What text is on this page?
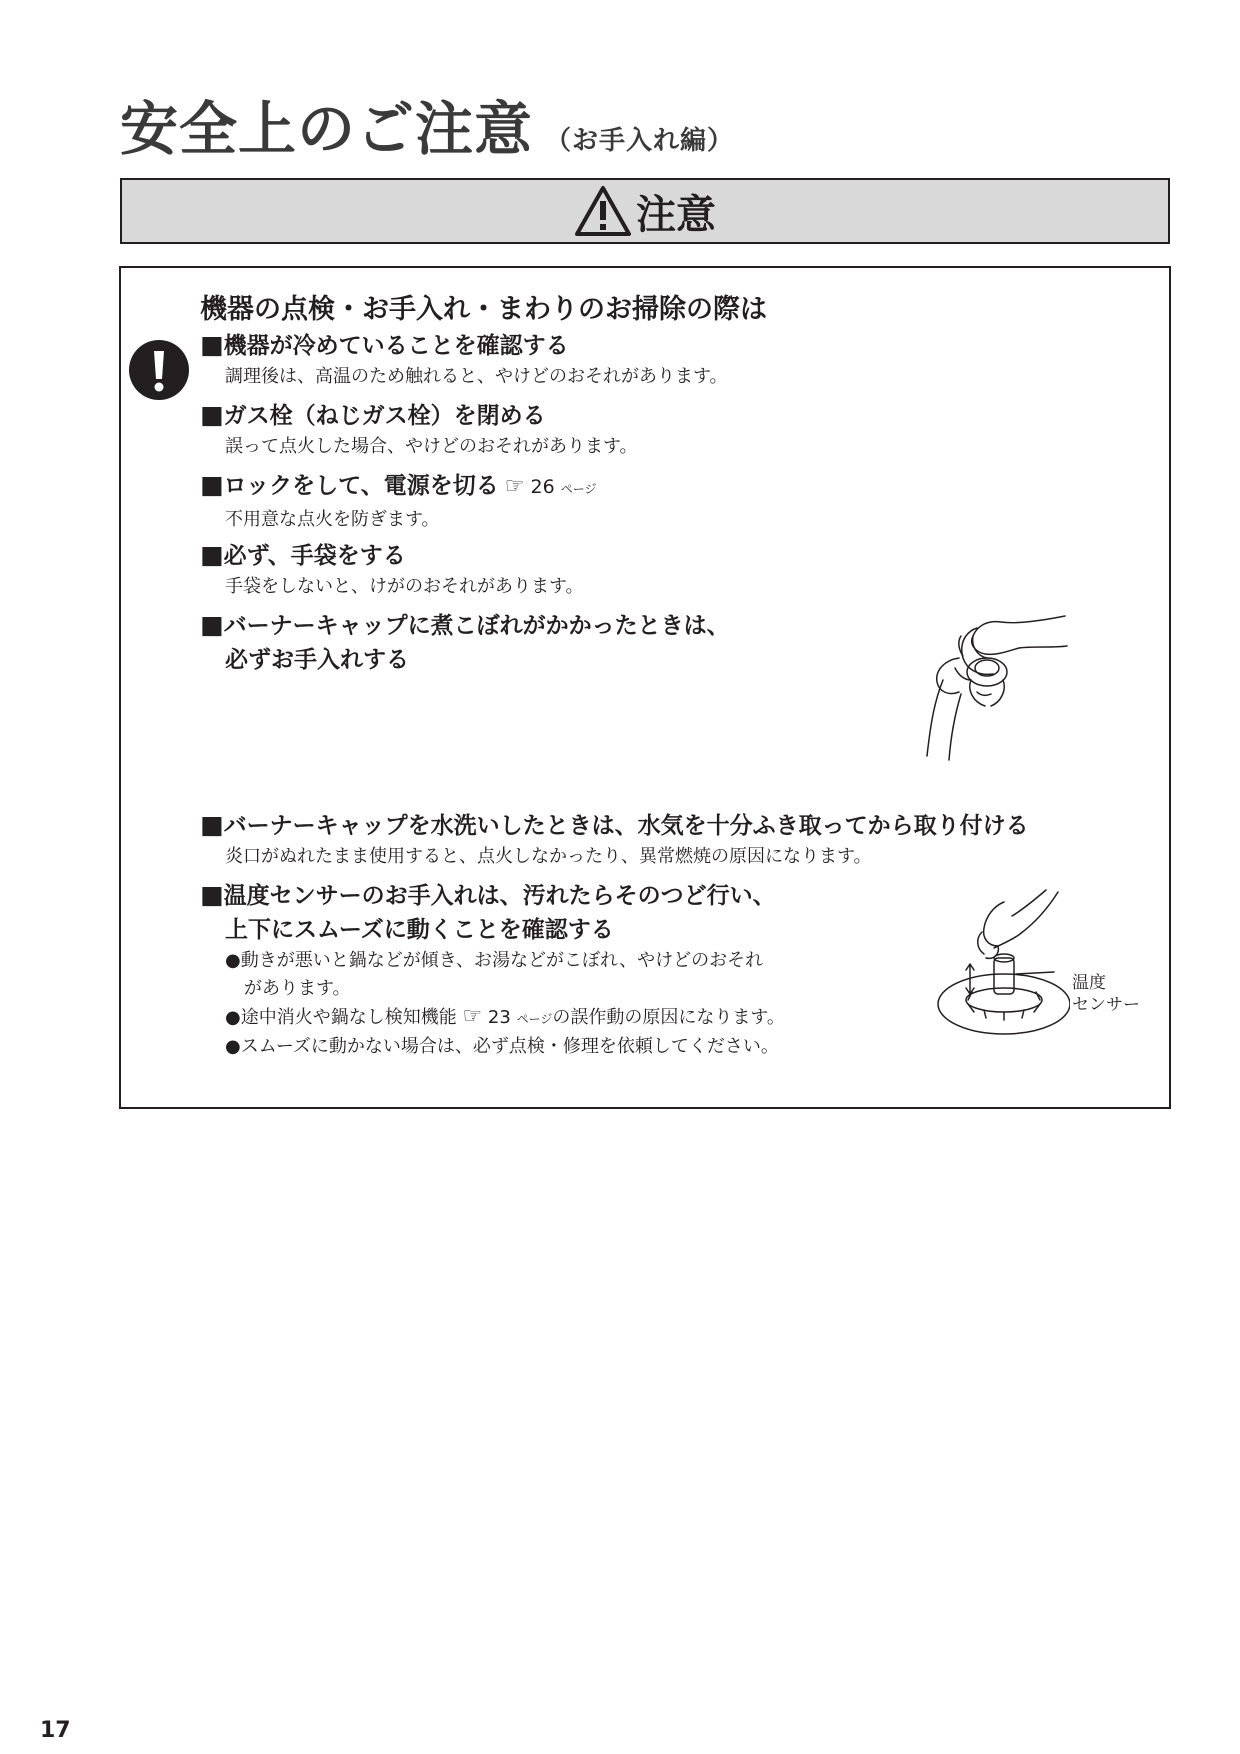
安全上のご注意 （お手入れ編）
注意
機器の点検・お手入れ・まわりのお掃除の際は
■機器が冷めていることを確認する
調理後は、高温のため触れると、やけどのおそれがあります。
■ガス栓（ねじガス栓）を閉める
誤って点火した場合、やけどのおそれがあります。
■ロックをして、電源を切る ☞ 26 ページ
不用意な点火を防ぎます。
■必ず、手袋をする
手袋をしないと、けがのおそれがあります。
■バーナーキャップに煮こぼれがかかったときは、
必ずお手入れする
■バーナーキャップを水洗いしたときは、水気を十分ふき取ってから取り付ける
炎口がぬれたまま使用すると、点火しなかったり、異常燃焼の原因になります。
■温度センサーのお手入れは、汚れたらそのつど行い、
上下にスムーズに動くことを確認する
●動きが悪いと鍋などが傾き、お湯などがこぼれ、やけどのおそれ
があります。
●途中消火や鍋なし検知機能 ☞ 23 ページの誤作動の原因になります。
●スムーズに動かない場合は、必ず点検・修理を依頼してください。
温度
センサー
17
